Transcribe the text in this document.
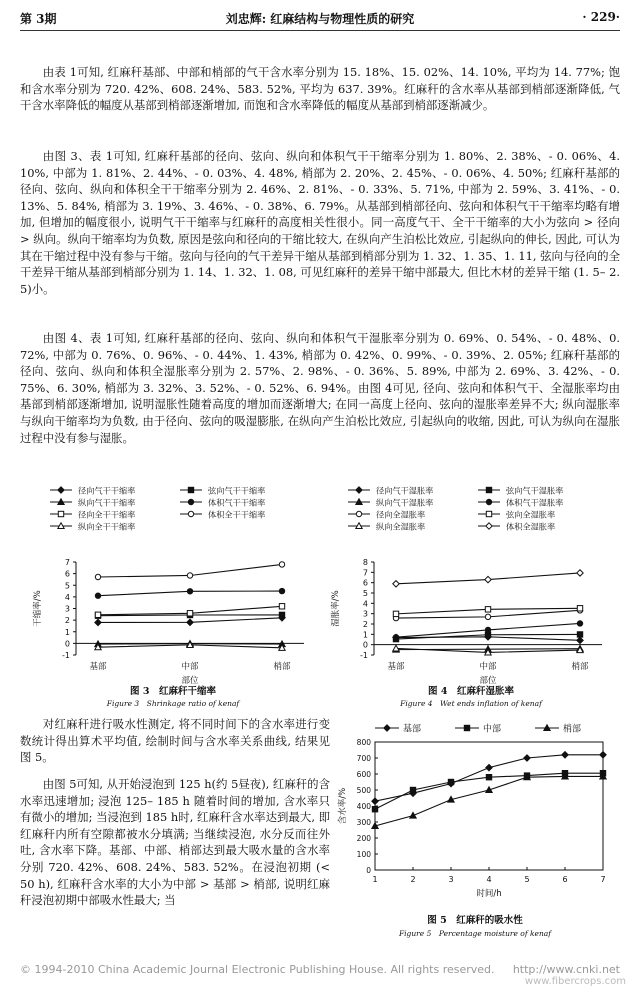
第 3期	刘忠辉: 红麻结构与物理性质的研究	· 229·
由表 1可知, 红麻秆基部、中部和梢部的气干含水率分别为 15. 18%、15. 02%、14. 10%, 平均为 14. 77%; 饱和含水率分别为 720. 42%、608. 24%、583. 52%, 平均为 637. 39%。红麻秆的含水率从基部到梢部逐渐降低, 气干含水率降低的幅度从基部到梢部逐渐增加, 而饱和含水率降低的幅度从基部到梢部逐渐减少。
由图 3、表 1可知, 红麻秆基部的径向、弦向、纵向和体积气干干缩率分别为 1. 80%、2. 38%、- 0. 06%、4. 10%, 中部为 1. 81%、2. 44%、- 0. 03%、4. 48%, 梢部为 2. 20%、2. 45%、- 0. 06%、4. 50%; 红麻秆基部的径向、弦向、纵向和体积全干干缩率分别为 2. 46%、2. 81%、- 0. 33%、5. 71%, 中部为 2. 59%、3. 41%、- 0. 13%、5. 84%, 梢部为 3. 19%、3. 46%、- 0. 38%、6. 79%。从基部到梢部径向、弦向和体积气干干缩率均略有增加, 但增加的幅度很小, 说明气干干缩率与红麻秆的高度相关性很小。同一高度气干、全干干缩率的大小为弦向 > 径向 > 纵向。纵向干缩率均为负数, 原因是弦向和径向的干缩比较大, 在纵向产生泊松比效应, 引起纵向的伸长, 因此, 可认为其在干缩过程中没有参与干缩。弦向与径向的气干差异干缩从基部到梢部分别为 1. 32、1. 35、1. 11, 弦向与径向的全干差异干缩从基部到梢部分别为 1. 14、1. 32、1. 08, 可见红麻秆的差异干缩中部最大, 但比木材的差异干缩 (1. 5– 2. 5)小。
由图 4、表 1可知, 红麻秆基部的径向、弦向、纵向和体积气干湿胀率分别为 0. 69%、0. 54%、- 0. 48%、0. 72%, 中部为 0. 76%、0. 96%、- 0. 44%、1. 43%, 梢部为 0. 42%、0. 99%、- 0. 39%、2. 05%; 红麻秆基部的径向、弦向、纵向和体积全湿胀率分别为 2. 57%、2. 98%、- 0. 36%、5. 89%, 中部为 2. 69%、3. 42%、- 0. 75%、6. 30%, 梢部为 3. 32%、3. 52%、- 0. 52%、6. 94%。由图 4可见, 径向、弦向和体积气干、全湿胀率均由基部到梢部逐渐增加, 说明湿胀性随着高度的增加而逐渐增大; 在同一高度上径向、弦向的湿胀率差异不大; 纵向湿胀率与纵向干缩率均为负数, 由于径向、弦向的吸湿膨胀, 在纵向产生泊松比效应, 引起纵向的收缩, 因此, 可认为纵向在湿胀过程中没有参与湿胀。
径向气干干缩率	弦向气干干缩率
纵向气干干缩率	体积气干干缩率
径向全干干缩率	体积全干干缩率
纵向全干干缩率
-1
0
1
2
3
4
5
6
7
基部	中部	梢部
部位
干缩率/%
图 3　红麻秆干缩率
Figure 3　Shrinkage ratio of kenaf
径向气干湿胀率	弦向气干湿胀率
纵向气干湿胀率	体积气干湿胀率
径向全湿胀率	弦向全湿胀率
纵向全湿胀率	体积全湿胀率
-1
0
1
2
3
4
5
6
7
8
基部	中部	梢部
部位
湿胀率/%
图 4　红麻秆湿胀率
Figure 4　Wet ends inflation of kenaf
对红麻秆进行吸水性测定, 将不同时间下的含水率进行变数统计得出算术平均值, 绘制时间与含水率关系曲线, 结果见图 5。
由图 5可知, 从开始浸泡到 125 h(约 5昼夜), 红麻秆的含水率迅速增加; 浸泡 125– 185 h 随着时间的增加, 含水率只有微小的增加; 当浸泡到 185 h时, 红麻秆含水率达到最大, 即红麻秆内所有空隙都被水分填满; 当继续浸泡, 水分反而往外吐, 含水率下降。基部、中部、梢部达到最大吸水量的含水率分别 720. 42%、608. 24%、583. 52%。在浸泡初期 (< 50 h), 红麻秆含水率的大小为中部 > 基部 > 梢部, 说明红麻秆浸泡初期中部吸水性最大; 当
基部	中部	梢部
0
100
200
300
400
500
600
700
800
1	2	3	4	5	6	7
时间/h
含水率/%
图 5　红麻秆的吸水性
Figure 5　Percentage moisture of kenaf
© 1994-2010 China Academic Journal Electronic Publishing House. All rights reserved. http://www.cnki.net
www.fibercrops.com
